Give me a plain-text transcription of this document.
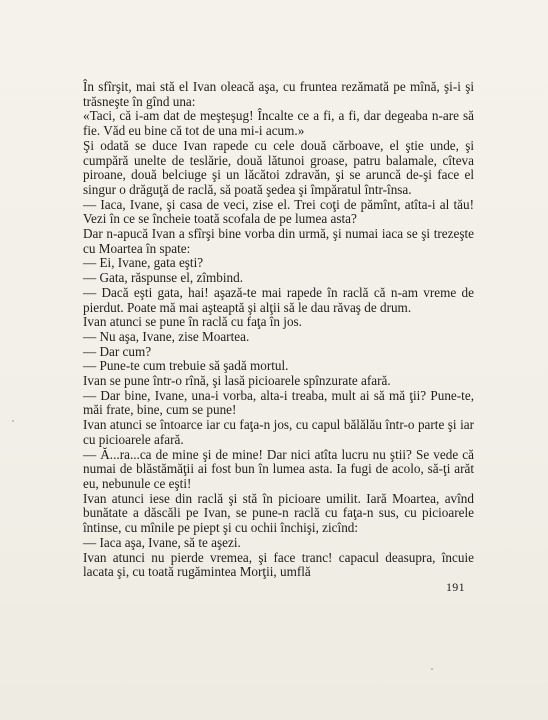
În sfîrşit, mai stă el Ivan oleacă aşa, cu fruntea rezămată pe mînă, şi-i şi trăsneşte în gînd una:

«Taci, că i-am dat de meşteşug! Încalte ce a fi, a fi, dar degeaba n-are să fie. Văd eu bine că tot de una mi-i acum.»

Şi odată se duce Ivan rapede cu cele două cărboave, el ştie unde, şi cumpără unelte de teslărie, două lătunoi groase, patru balamale, cîteva piroane, două belciuge şi un lăcătoi zdravăn, şi se aruncă de-şi face el singur o drăguţă de raclă, să poată şedea şi împăratul într-însa.

— Iaca, Ivane, şi casa de veci, zise el. Trei coţi de pămînt, atîta-i al tău! Vezi în ce se încheie toată scofala de pe lumea asta?

Dar n-apucă Ivan a sfîrşi bine vorba din urmă, şi numai iaca se şi trezeşte cu Moartea în spate:

— Ei, Ivane, gata eşti?

— Gata, răspunse el, zîmbind.

— Dacă eşti gata, hai! aşază-te mai rapede în raclă că n-am vreme de pierdut. Poate mă mai aşteaptă şi alţii să le dau răvaş de drum.

Ivan atunci se pune în raclă cu faţa în jos.

— Nu aşa, Ivane, zise Moartea.

— Dar cum?

— Pune-te cum trebuie să şadă mortul.

Ivan se pune într-o rînă, şi lasă picioarele spînzurate afară.

— Dar bine, Ivane, una-i vorba, alta-i treaba, mult ai să mă ţii? Pune-te, măi frate, bine, cum se pune!

Ivan atunci se întoarce iar cu faţa-n jos, cu capul bălălău într-o parte şi iar cu picioarele afară.

— Ă...ra...ca de mine şi de mine! Dar nici atîta lucru nu ştii? Se vede că numai de blăstămăţii ai fost bun în lumea asta. Ia fugi de acolo, să-ţi arăt eu, nebunule ce eşti!

Ivan atunci iese din raclă şi stă în picioare umilit. Iară Moartea, avînd bunătate a dăscăli pe Ivan, se pune-n raclă cu faţa-n sus, cu picioarele întinse, cu mînile pe piept şi cu ochii închişi, zicînd:

— Iaca aşa, Ivane, să te aşezi.

Ivan atunci nu pierde vremea, şi face tranc! capacul deasupra, încuie lacata şi, cu toată rugămintea Morţii, umflă

191
